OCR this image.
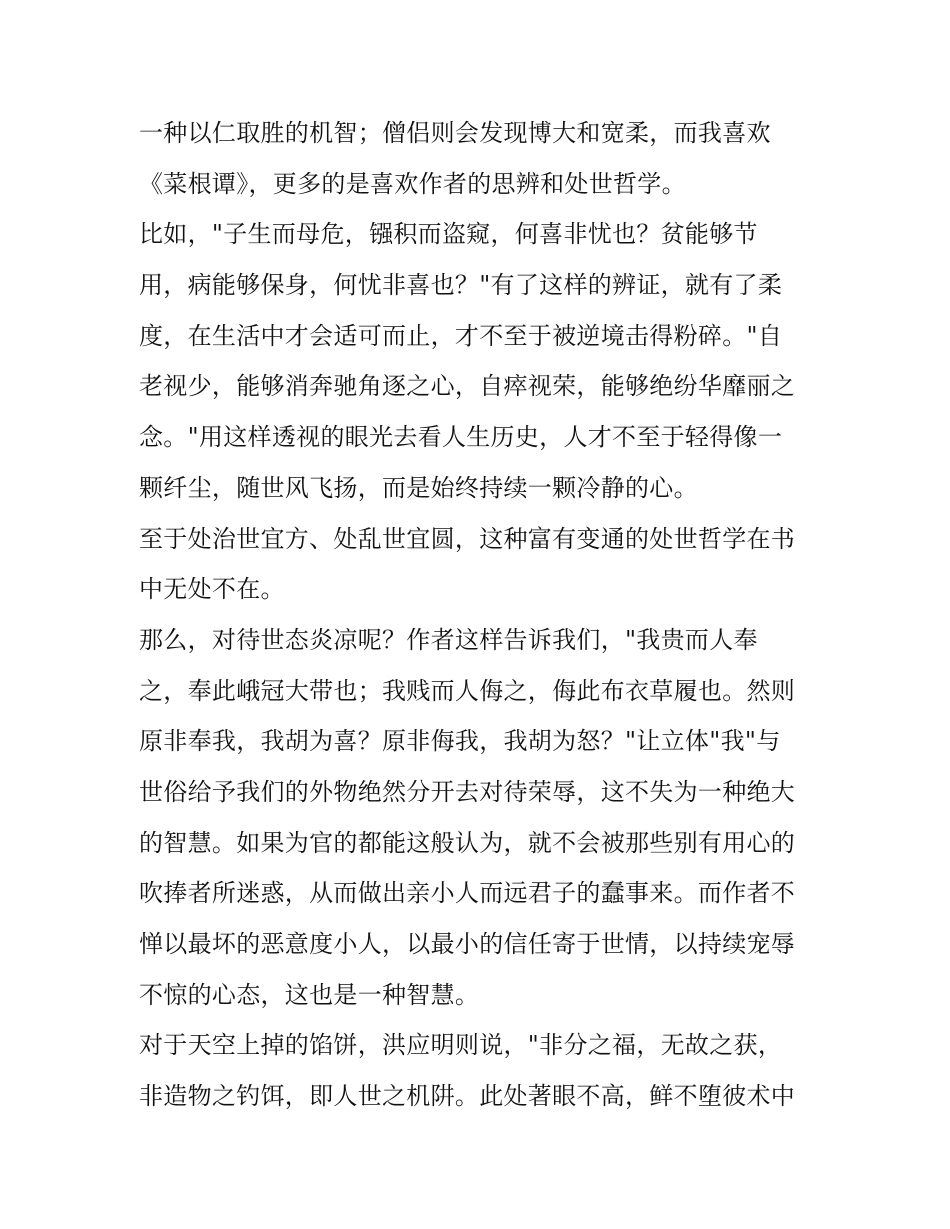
一种以仁取胜的机智；僧侣则会发现博大和宽柔，而我喜欢
《菜根谭》，更多的是喜欢作者的思辨和处世哲学。
比如，"子生而母危，镪积而盗窥，何喜非忧也？贫能够节
用，病能够保身，何忧非喜也？"有了这样的辨证，就有了柔
度，在生活中才会适可而止，才不至于被逆境击得粉碎。"自
老视少，能够消奔驰角逐之心，自瘁视荣，能够绝纷华靡丽之
念。"用这样透视的眼光去看人生历史，人才不至于轻得像一
颗纤尘，随世风飞扬，而是始终持续一颗冷静的心。
至于处治世宜方、处乱世宜圆，这种富有变通的处世哲学在书
中无处不在。
那么，对待世态炎凉呢？作者这样告诉我们，"我贵而人奉
之，奉此峨冠大带也；我贱而人侮之，侮此布衣草履也。然则
原非奉我，我胡为喜？原非侮我，我胡为怒？"让立体"我"与
世俗给予我们的外物绝然分开去对待荣辱，这不失为一种绝大
的智慧。如果为官的都能这般认为，就不会被那些别有用心的
吹捧者所迷惑，从而做出亲小人而远君子的蠢事来。而作者不
惮以最坏的恶意度小人，以最小的信任寄于世情，以持续宠辱
不惊的心态，这也是一种智慧。
对于天空上掉的馅饼，洪应明则说，"非分之福，无故之获，
非造物之钓饵，即人世之机阱。此处著眼不高，鲜不堕彼术中
